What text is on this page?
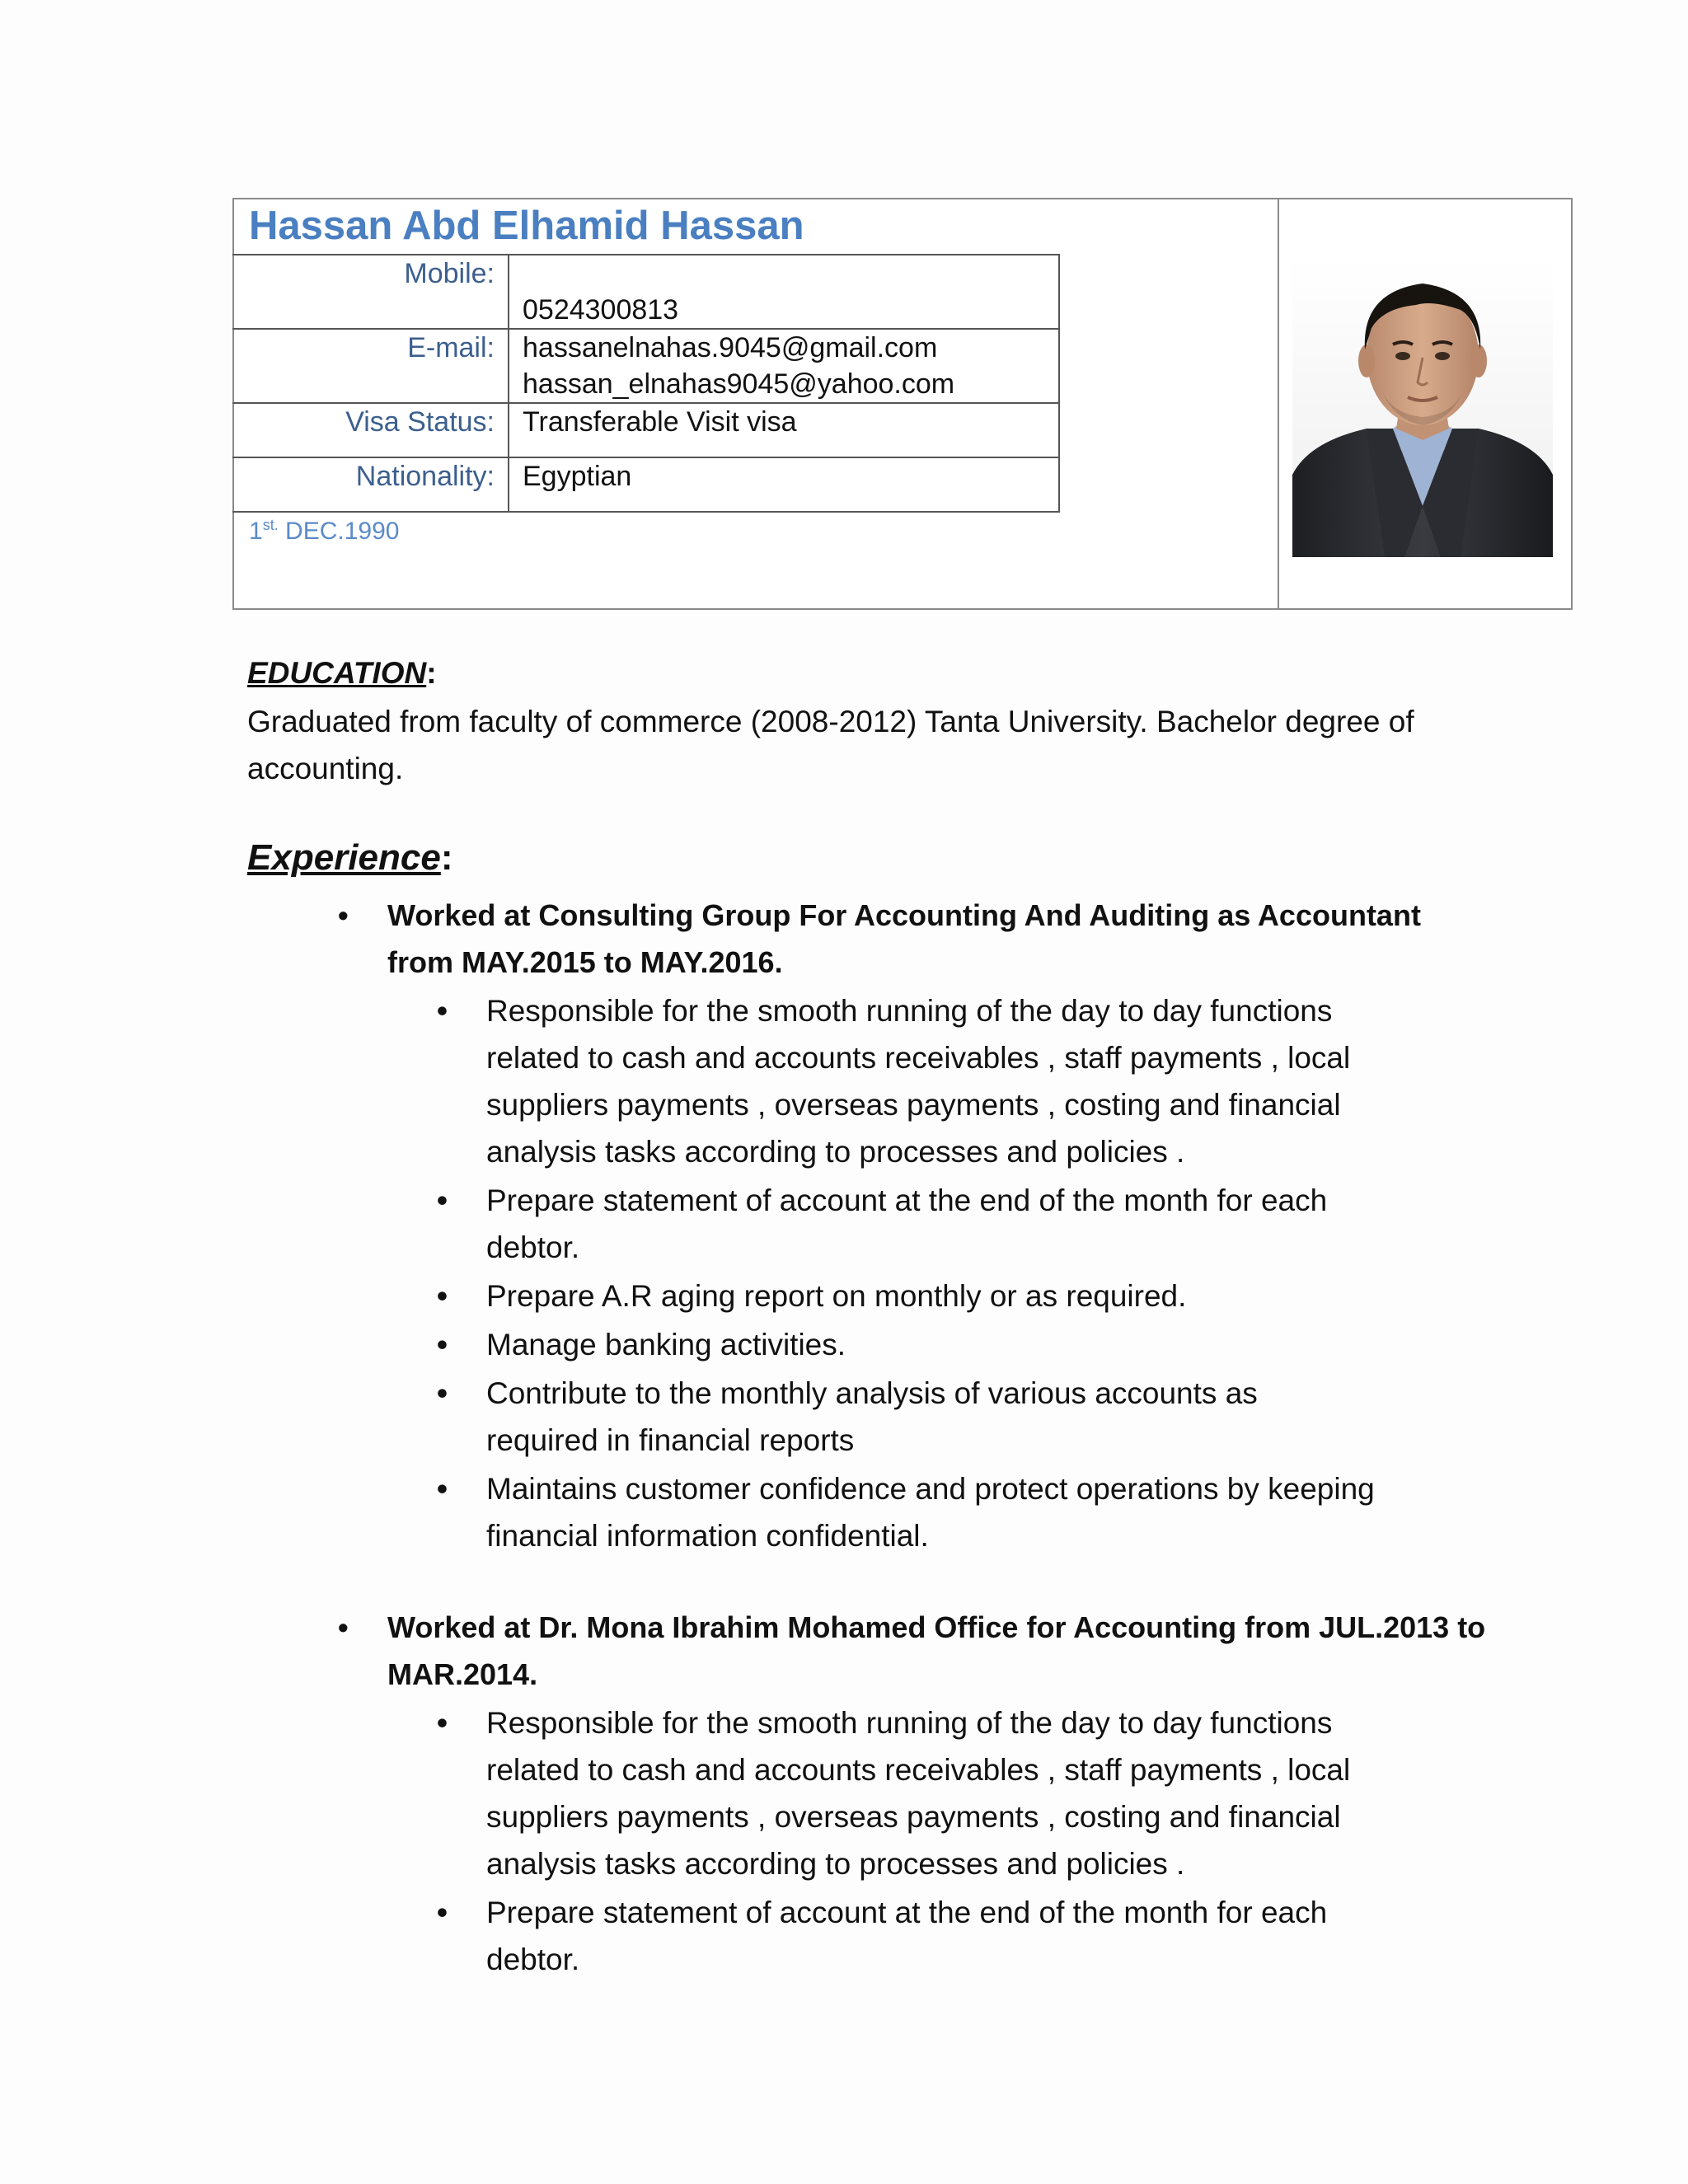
Hassan Abd Elhamid Hassan
Mobile:	0524300813
E-mail:	hassanelnahas.9045@gmail.com
hassan_elnahas9045@yahoo.com

Visa Status:	Transferable Visit visa
Nationality:	Egyptian
$1^{st.}$ DEC.1990
EDUCATION:
Graduated from faculty of commerce (2008-2012) Tanta University. Bachelor degree of accounting.
Experience:
• Worked at Consulting Group For Accounting And Auditing as Accountant from MAY.2015 to MAY.2016.
• Responsible for the smooth running of the day to day functions related to cash and accounts receivables , staff payments , local suppliers payments , overseas payments , costing and financial analysis tasks according to processes and policies .
• Prepare statement of account at the end of the month for each debtor.
• Prepare A.R aging report on monthly or as required.
• Manage banking activities.
• Contribute to the monthly analysis of various accounts as required in financial reports
• Maintains customer confidence and protect operations by keeping financial information confidential.
• Worked at Dr. Mona Ibrahim Mohamed Office for Accounting from JUL.2013 to MAR.2014.
• Responsible for the smooth running of the day to day functions related to cash and accounts receivables , staff payments , local suppliers payments , overseas payments , costing and financial analysis tasks according to processes and policies .
• Prepare statement of account at the end of the month for each debtor.
